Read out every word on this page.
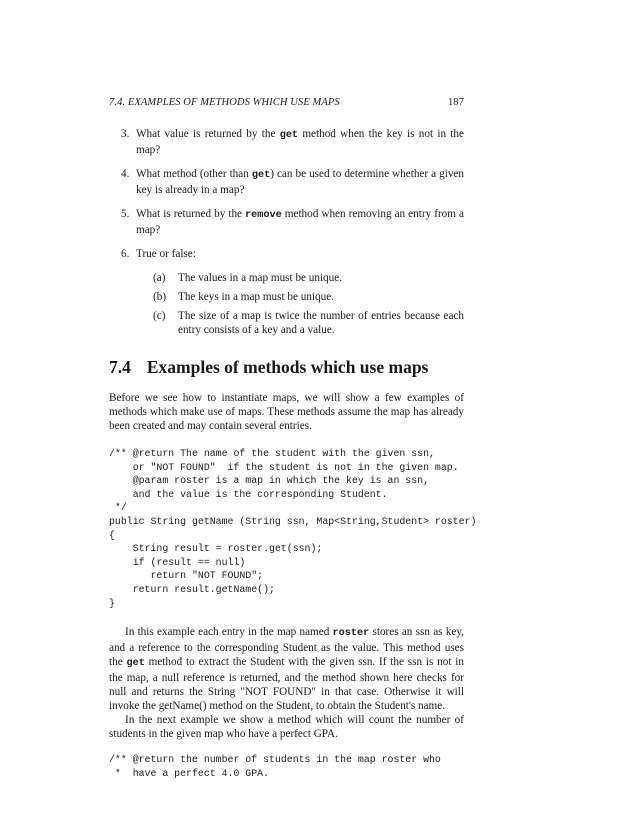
7.4. EXAMPLES OF METHODS WHICH USE MAPS	187
3. What value is returned by the get method when the key is not in the map?
4. What method (other than get) can be used to determine whether a given key is already in a map?
5. What is returned by the remove method when removing an entry from a map?
6. True or false:
(a) The values in a map must be unique.
(b) The keys in a map must be unique.
(c) The size of a map is twice the number of entries because each entry consists of a key and a value.
7.4 Examples of methods which use maps

Before we see how to instantiate maps, we will show a few examples of methods which make use of maps. These methods assume the map has already been created and may contain several entries.

/** @return The name of the student with the given ssn,
or "NOT FOUND"  if the student is not in the given map.
@param roster is a map in which the key is an ssn,
and the value is the corresponding Student.
*/
public String getName (String ssn, Map<String,Student> roster)
{
String result = roster.get(ssn);
if (result == null)
return "NOT FOUND";
return result.getName();
}

In this example each entry in the map named roster stores an ssn as key, and a reference to the corresponding Student as the value. This method uses the get method to extract the Student with the given ssn. If the ssn is not in the map, a null reference is returned, and the method shown here checks for null and returns the String "NOT FOUND" in that case. Otherwise it will invoke the getName() method on the Student, to obtain the Student's name.

In the next example we show a method which will count the number of students in the given map who have a perfect GPA.

/** @return the number of students in the map roster who
*  have a perfect 4.0 GPA.
